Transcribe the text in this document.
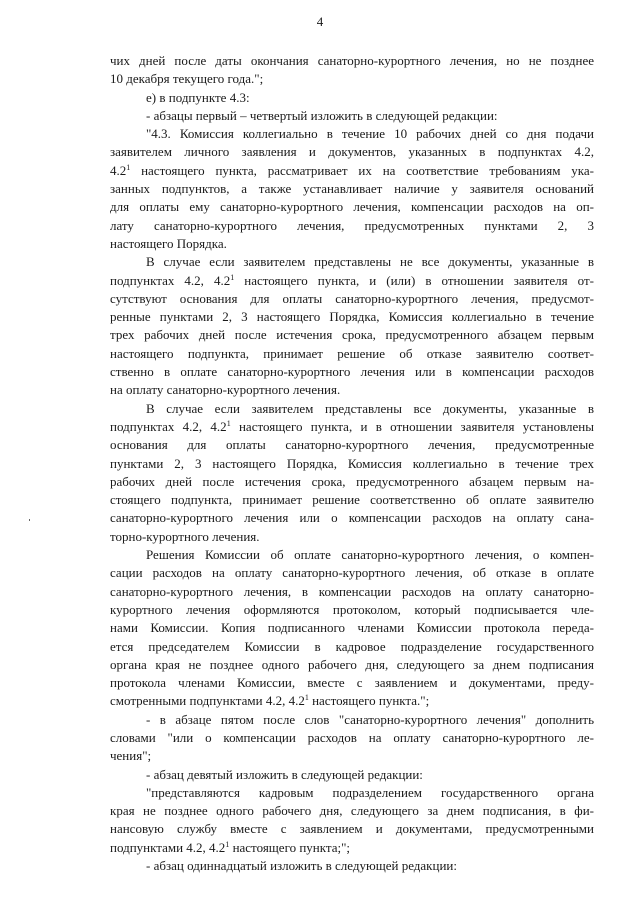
4
чих дней после даты окончания санаторно-курортного лечения, но не позднее
10 декабря текущего года.";
е) в подпункте 4.3:
- абзацы первый – четвертый изложить в следующей редакции:
"4.3. Комиссия коллегиально в течение 10 рабочих дней со дня подачи
заявителем личного заявления и документов, указанных в подпунктах 4.2,
$4.2^1$ настоящего пункта, рассматривает их на соответствие требованиям ука-
занных подпунктов, а также устанавливает наличие у заявителя оснований
для оплаты ему санаторно-курортного лечения, компенсации расходов на оп-
лату санаторно-курортного лечения, предусмотренных пунктами 2, 3
настоящего Порядка.
В случае если заявителем представлены не все документы, указанные в
подпунктах 4.2, $4.2^1$ настоящего пункта, и (или) в отношении заявителя от-
сутствуют основания для оплаты санаторно-курортного лечения, предусмот-
ренные пунктами 2, 3 настоящего Порядка, Комиссия коллегиально в течение
трех рабочих дней после истечения срока, предусмотренного абзацем первым
настоящего подпункта, принимает решение об отказе заявителю соответ-
ственно в оплате санаторно-курортного лечения или в компенсации расходов
на оплату санаторно-курортного лечения.
В случае если заявителем представлены все документы, указанные в
подпунктах 4.2, $4.2^1$ настоящего пункта, и в отношении заявителя установлены
основания для оплаты санаторно-курортного лечения, предусмотренные
пунктами 2, 3 настоящего Порядка, Комиссия коллегиально в течение трех
рабочих дней после истечения срока, предусмотренного абзацем первым на-
стоящего подпункта, принимает решение соответственно об оплате заявителю
санаторно-курортного лечения или о компенсации расходов на оплату сана-
торно-курортного лечения.
Решения Комиссии об оплате санаторно-курортного лечения, о компен-
сации расходов на оплату санаторно-курортного лечения, об отказе в оплате
санаторно-курортного лечения, в компенсации расходов на оплату санаторно-
курортного лечения оформляются протоколом, который подписывается чле-
нами Комиссии. Копия подписанного членами Комиссии протокола переда-
ется председателем Комиссии в кадровое подразделение государственного
органа края не позднее одного рабочего дня, следующего за днем подписания
протокола членами Комиссии, вместе с заявлением и документами, преду-
смотренными подпунктами 4.2, $4.2^1$ настоящего пункта.";
- в абзаце пятом после слов "санаторно-курортного лечения" дополнить
словами "или о компенсации расходов на оплату санаторно-курортного ле-
чения";
- абзац девятый изложить в следующей редакции:
"представляются кадровым подразделением государственного органа
края не позднее одного рабочего дня, следующего за днем подписания, в фи-
нансовую службу вместе с заявлением и документами, предусмотренными
подпунктами 4.2, $4.2^1$ настоящего пункта;";
- абзац одиннадцатый изложить в следующей редакции:
